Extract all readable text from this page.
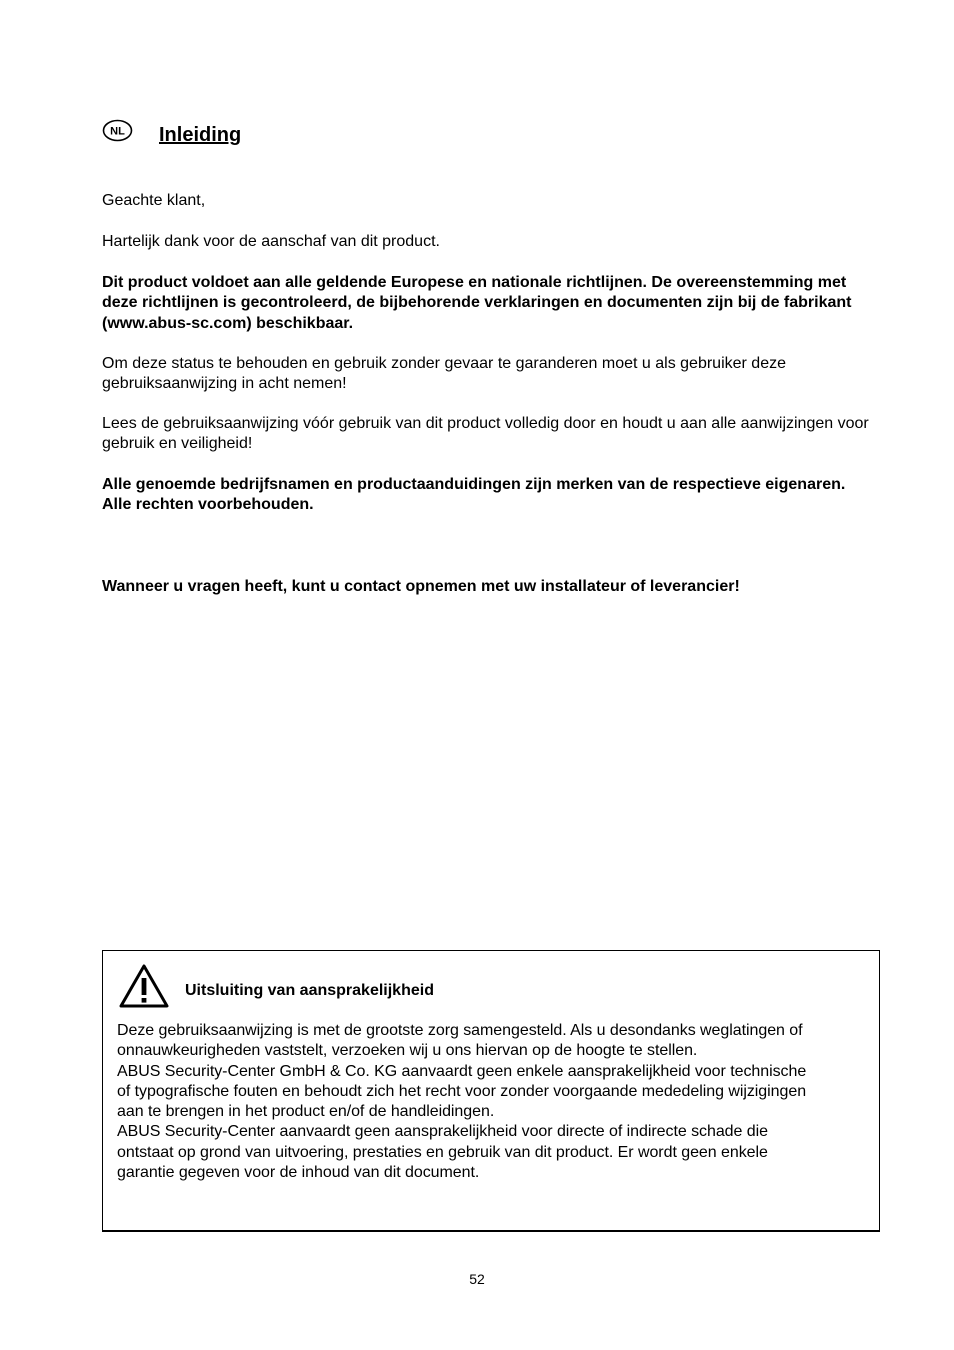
NL Inleiding

Geachte klant,

Hartelijk dank voor de aanschaf van dit product.

Dit product voldoet aan alle geldende Europese en nationale richtlijnen. De overeenstemming met deze richtlijnen is gecontroleerd, de bijbehorende verklaringen en documenten zijn bij de fabrikant (www.abus-sc.com) beschikbaar.

Om deze status te behouden en gebruik zonder gevaar te garanderen moet u als gebruiker deze gebruiksaanwijzing in acht nemen!

Lees de gebruiksaanwijzing vóór gebruik van dit product volledig door en houdt u aan alle aanwijzingen voor gebruik en veiligheid!

Alle genoemde bedrijfsnamen en productaanduidingen zijn merken van de respectieve eigenaren. Alle rechten voorbehouden.

Wanneer u vragen heeft, kunt u contact opnemen met uw installateur of leverancier!

Uitsluiting van aansprakelijkheid

Deze gebruiksaanwijzing is met de grootste zorg samengesteld. Als u desondanks weglatingen of
onnauwkeurigheden vaststelt, verzoeken wij u ons hiervan op de hoogte te stellen.
ABUS Security-Center GmbH & Co. KG aanvaardt geen enkele aansprakelijkheid voor technische
of typografische fouten en behoudt zich het recht voor zonder voorgaande mededeling wijzigingen
aan te brengen in het product en/of de handleidingen.
ABUS Security-Center aanvaardt geen aansprakelijkheid voor directe of indirecte schade die
ontstaat op grond van uitvoering, prestaties en gebruik van dit product. Er wordt geen enkele
garantie gegeven voor de inhoud van dit document.

52
